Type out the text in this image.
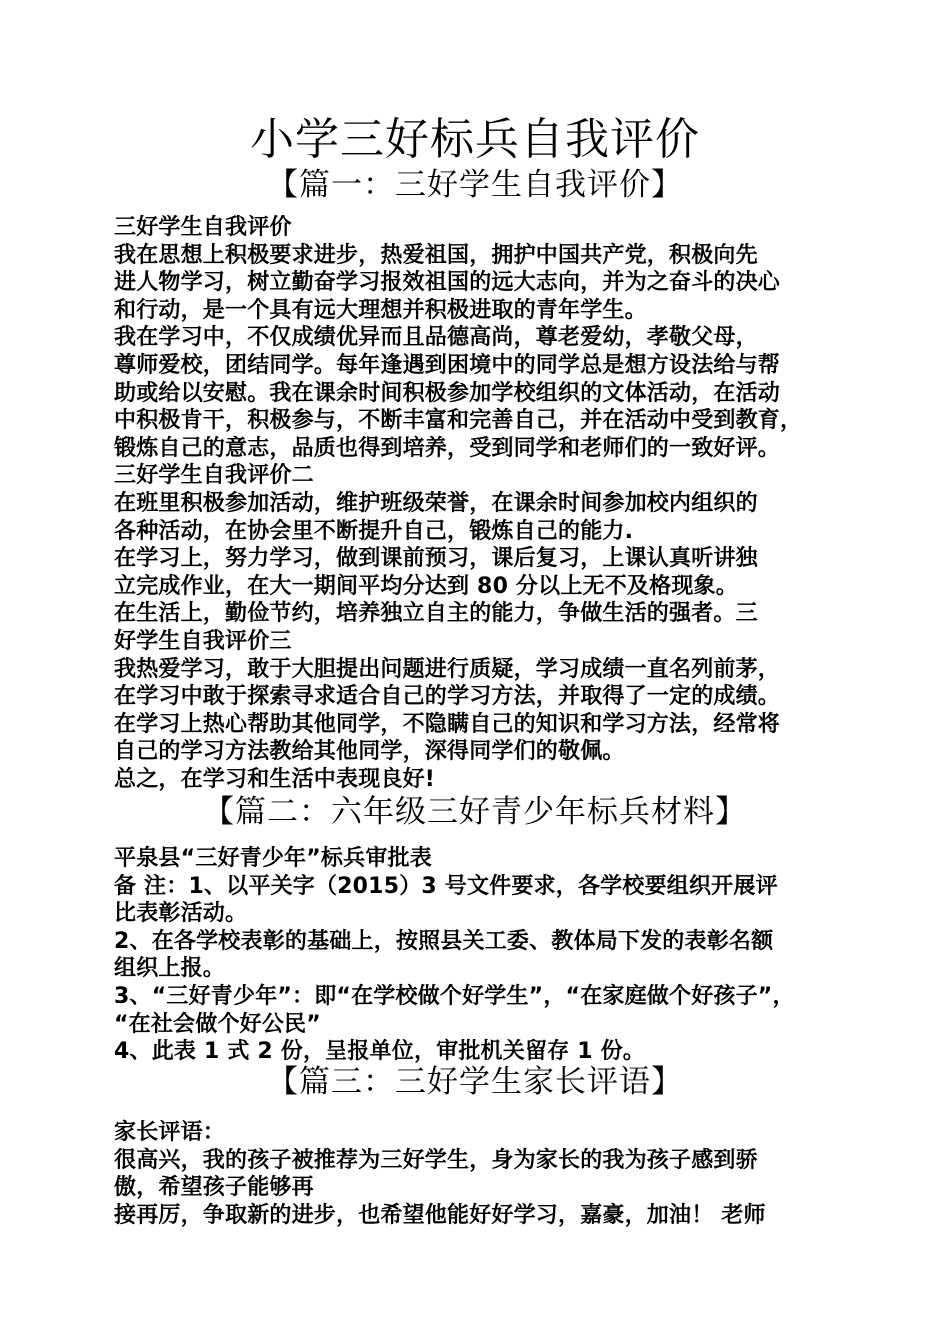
小学三好标兵自我评价
【篇一：三好学生自我评价】

三好学生自我评价

我在思想上积极要求进步，热爱祖国，拥护中国共产党，积极向先

进人物学习，树立勤奋学习报效祖国的远大志向，并为之奋斗的决心

和行动，是一个具有远大理想并积极进取的青年学生。

我在学习中，不仅成绩优异而且品德高尚，尊老爱幼，孝敬父母，

尊师爱校，团结同学。每年逢遇到困境中的同学总是想方设法给与帮

助或给以安慰。我在课余时间积极参加学校组织的文体活动，在活动

中积极肯干，积极参与，不断丰富和完善自己，并在活动中受到教育，

锻炼自己的意志，品质也得到培养，受到同学和老师们的一致好评。

三好学生自我评价二

在班里积极参加活动，维护班级荣誉，在课余时间参加校内组织的

各种活动，在协会里不断提升自己，锻炼自己的能力.

在学习上，努力学习，做到课前预习，课后复习，上课认真听讲独

立完成作业，在大一期间平均分达到 80 分以上无不及格现象。

在生活上，勤俭节约，培养独立自主的能力，争做生活的强者。三

好学生自我评价三

我热爱学习，敢于大胆提出问题进行质疑，学习成绩一直名列前茅，

在学习中敢于探索寻求适合自己的学习方法，并取得了一定的成绩。

在学习上热心帮助其他同学，不隐瞒自己的知识和学习方法，经常将

自己的学习方法教给其他同学，深得同学们的敬佩。

总之，在学习和生活中表现良好!

【篇二：六年级三好青少年标兵材料】

平泉县“三好青少年”标兵审批表

备 注：1、以平关字（2015）3 号文件要求，各学校要组织开展评

比表彰活动。

2、在各学校表彰的基础上，按照县关工委、教体局下发的表彰名额

组织上报。

3、“三好青少年”：即“在学校做个好学生”，“在家庭做个好孩子”，

“在社会做个好公民”

4、此表 1 式 2 份，呈报单位，审批机关留存 1 份。

【篇三：三好学生家长评语】

家长评语：

很高兴，我的孩子被推荐为三好学生，身为家长的我为孩子感到骄

傲，希望孩子能够再

接再厉，争取新的进步，也希望他能好好学习，嘉豪，加油！ 老师
